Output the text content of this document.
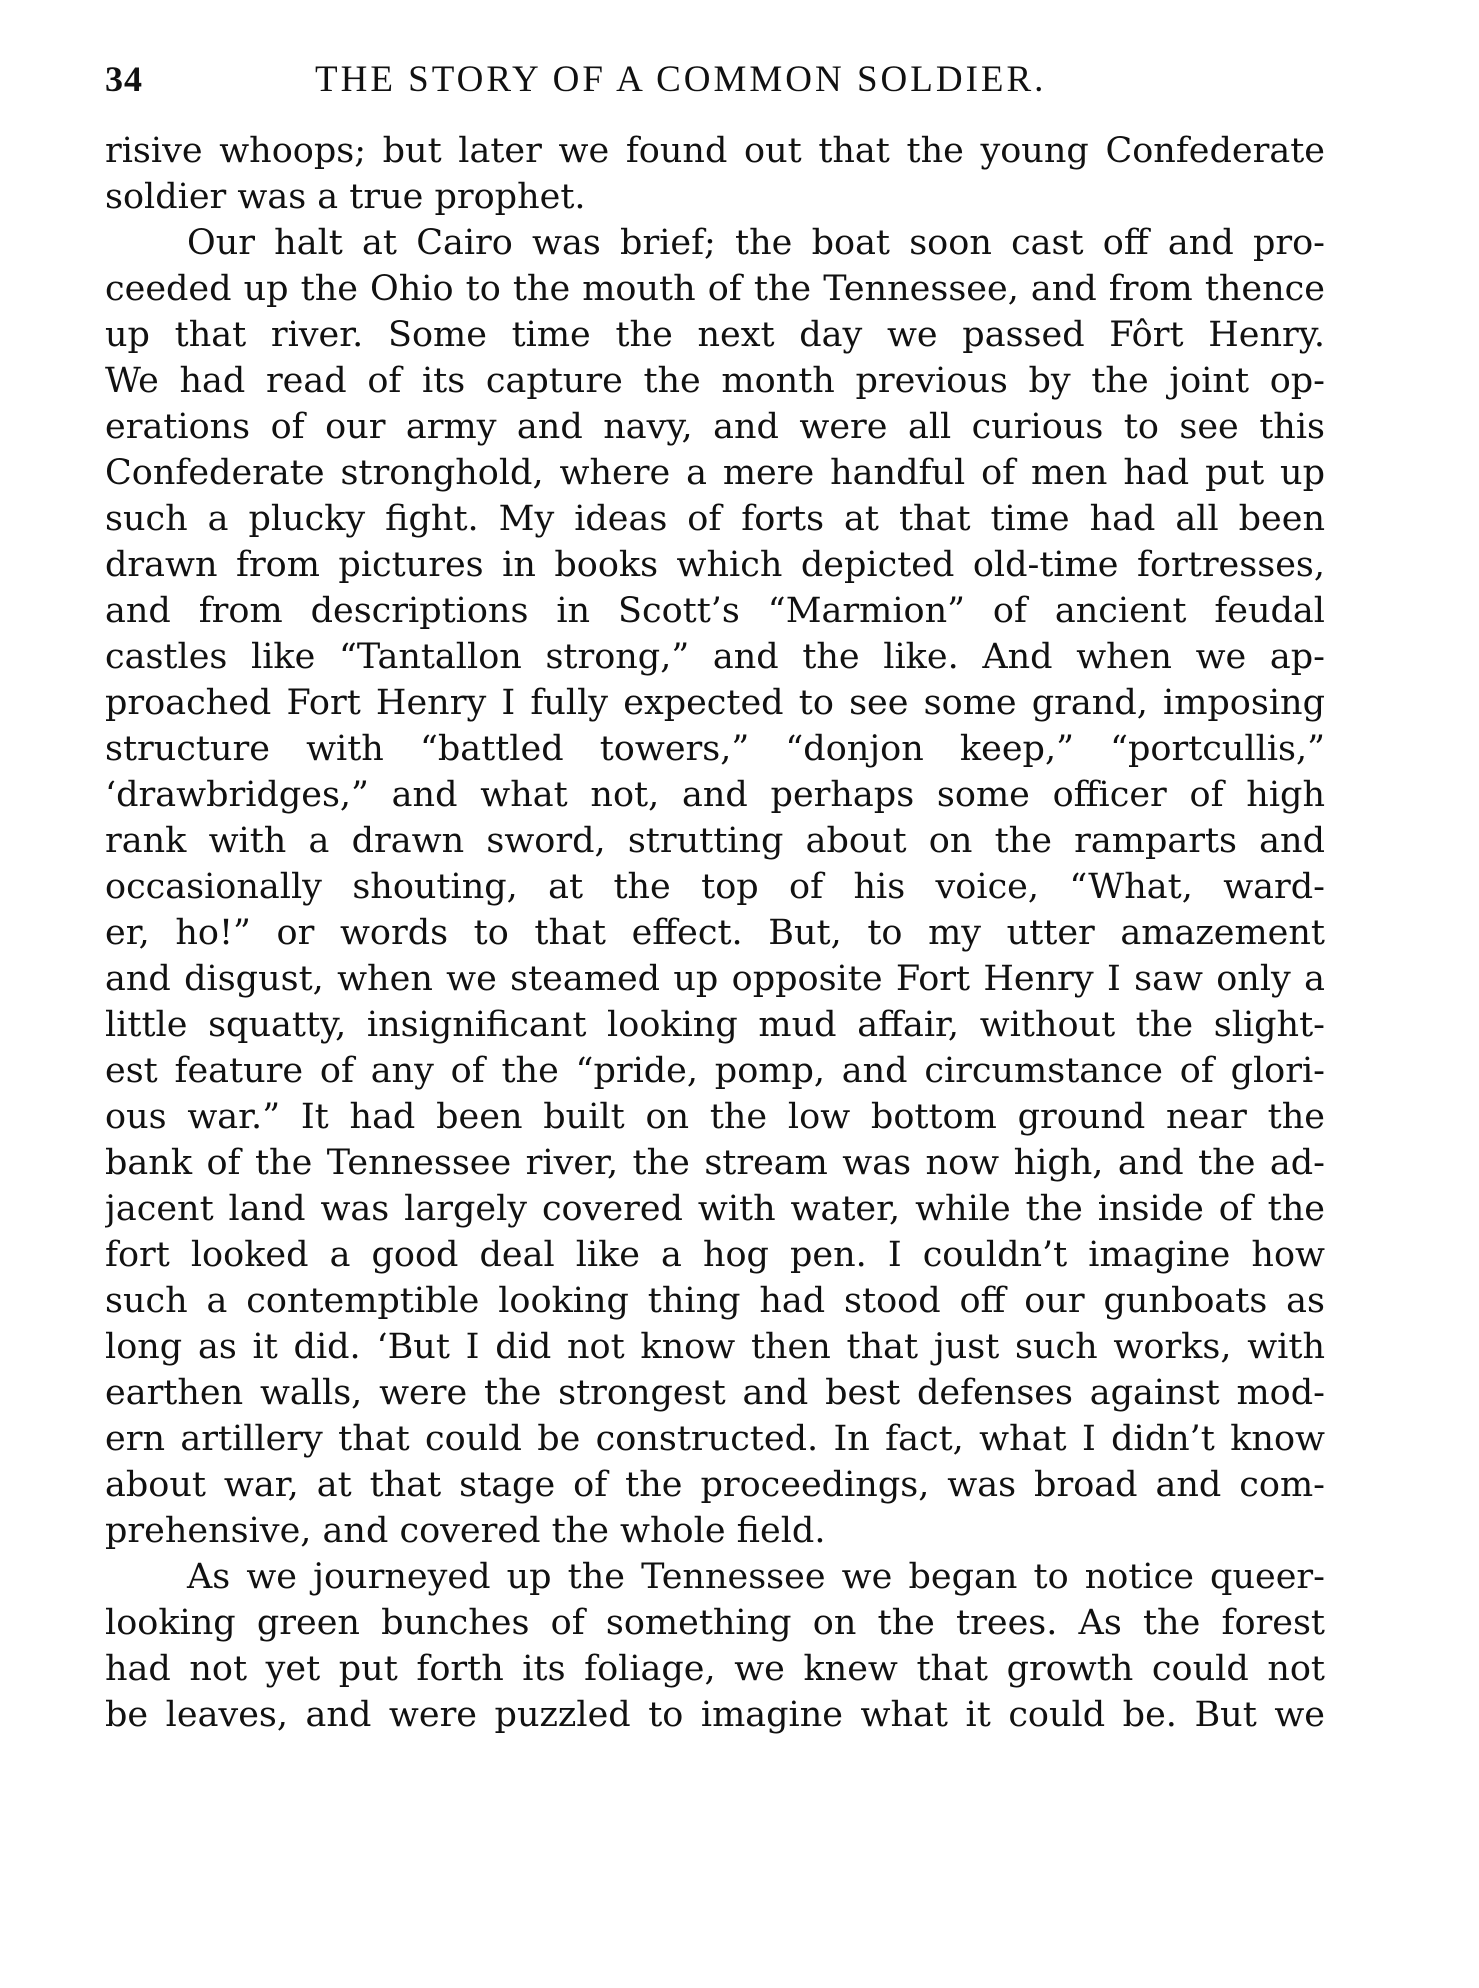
34	THE STORY OF A COMMON SOLDIER.
risive whoops; but later we found out that the young Confederate
soldier was a true prophet.
Our halt at Cairo was brief; the boat soon cast off and pro-
ceeded up the Ohio to the mouth of the Tennessee, and from thence
up that river. Some time the next day we passed Fôrt Henry.
We had read of its capture the month previous by the joint op-
erations of our army and navy, and were all curious to see this
Confederate stronghold, where a mere handful of men had put up
such a plucky fight. My ideas of forts at that time had all been
drawn from pictures in books which depicted old-time fortresses,
and from descriptions in Scott’s “Marmion” of ancient feudal
castles like “Tantallon strong,” and the like. And when we ap-
proached Fort Henry I fully expected to see some grand, imposing
structure with “battled towers,” “donjon keep,” “portcullis,”
‘drawbridges,” and what not, and perhaps some officer of high
rank with a drawn sword, strutting about on the ramparts and
occasionally shouting, at the top of his voice, “What, ward-
er, ho!” or words to that effect. But, to my utter amazement
and disgust, when we steamed up opposite Fort Henry I saw only a
little squatty, insignificant looking mud affair, without the slight-
est feature of any of the “pride, pomp, and circumstance of glori-
ous war.” It had been built on the low bottom ground near the
bank of the Tennessee river, the stream was now high, and the ad-
jacent land was largely covered with water, while the inside of the
fort looked a good deal like a hog pen. I couldn’t imagine how
such a contemptible looking thing had stood off our gunboats as
long as it did. ‘But I did not know then that just such works, with
earthen walls, were the strongest and best defenses against mod-
ern artillery that could be constructed. In fact, what I didn’t know
about war, at that stage of the proceedings, was broad and com-
prehensive, and covered the whole field.
As we journeyed up the Tennessee we began to notice queer-
looking green bunches of something on the trees. As the forest
had not yet put forth its foliage, we knew that growth could not
be leaves, and were puzzled to imagine what it could be. But we
